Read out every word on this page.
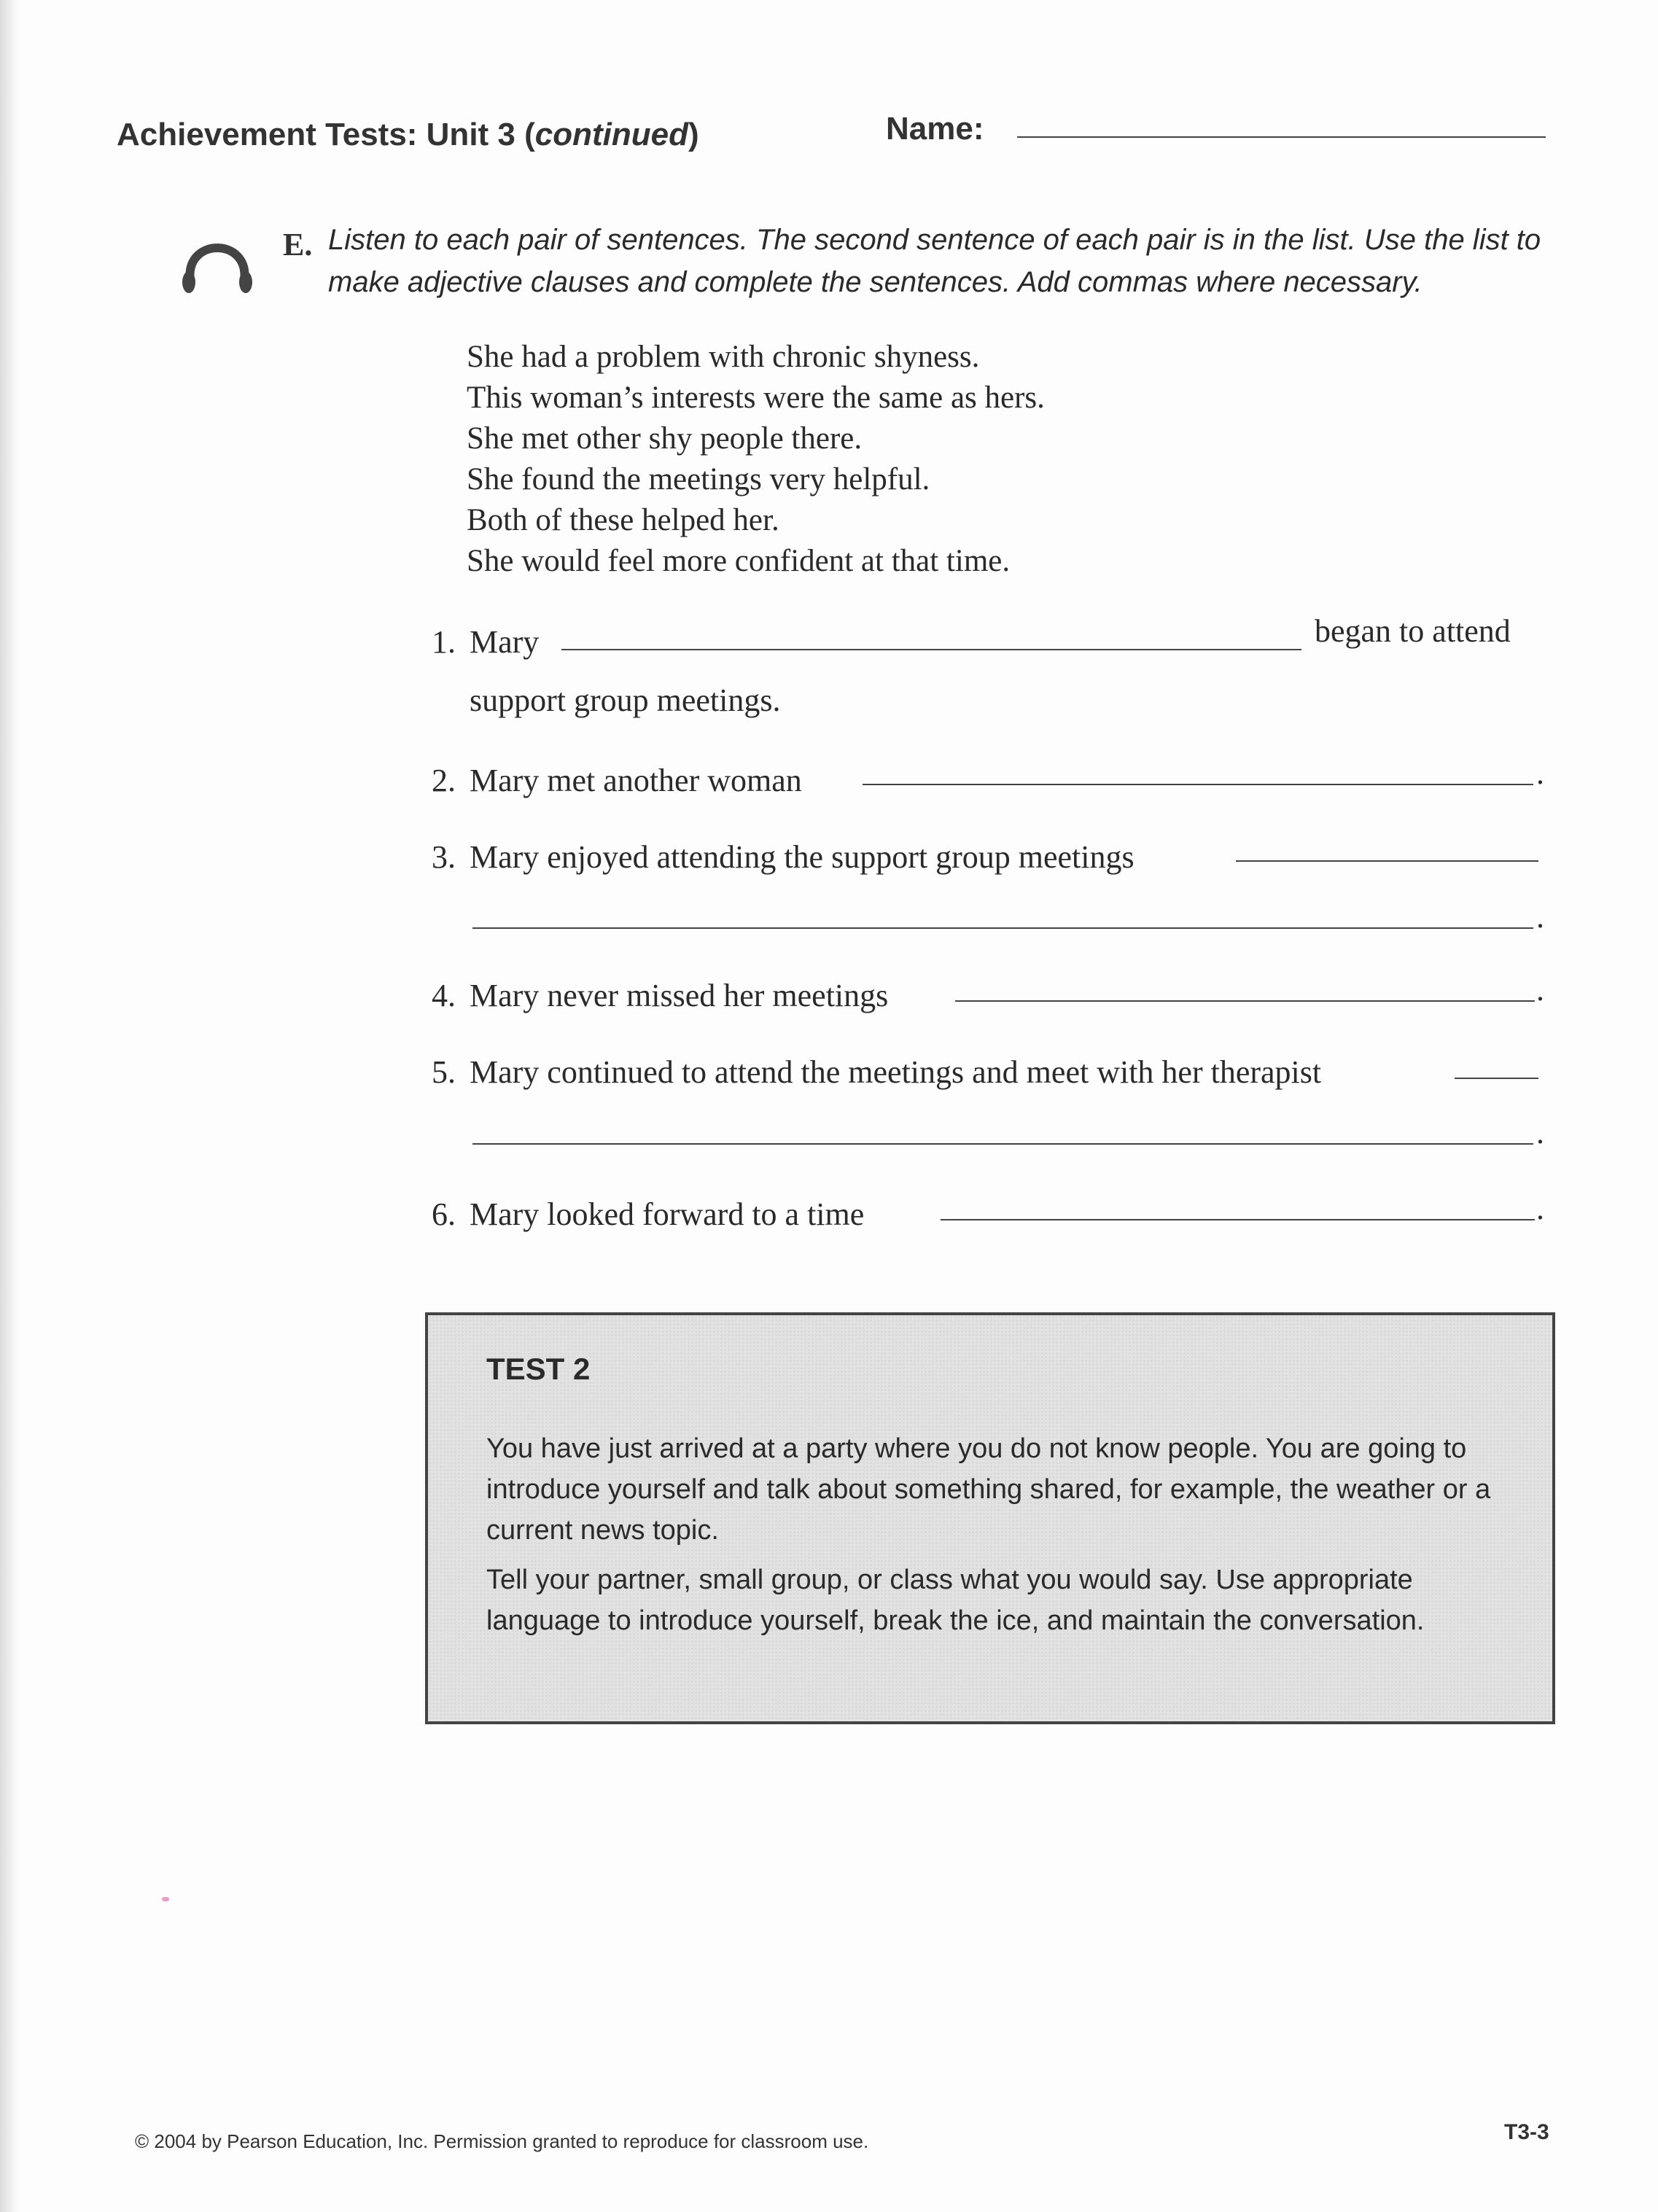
Achievement Tests: Unit 3 (continued)	Name:
E. Listen to each pair of sentences. The second sentence of each pair is in the list. Use the list to make adjective clauses and complete the sentences. Add commas where necessary.
She had a problem with chronic shyness.
This woman’s interests were the same as hers.
She met other shy people there.
She found the meetings very helpful.
Both of these helped her.
She would feel more confident at that time.
1. Mary	began to attend
support group meetings.
2. Mary met another woman	.
3. Mary enjoyed attending the support group meetings
.
4. Mary never missed her meetings	.
5. Mary continued to attend the meetings and meet with her therapist
.
6. Mary looked forward to a time	.
TEST 2
You have just arrived at a party where you do not know people. You are going to introduce yourself and talk about something shared, for example, the weather or a current news topic.
Tell your partner, small group, or class what you would say. Use appropriate language to introduce yourself, break the ice, and maintain the conversation.
© 2004 by Pearson Education, Inc. Permission granted to reproduce for classroom use.	T3-3
